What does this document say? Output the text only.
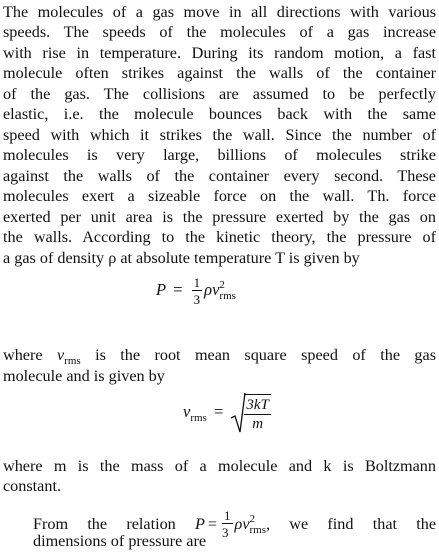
The molecules of a gas move in all directions with various
speeds. The speeds of the molecules of a gas increase
with rise in temperature. During its random motion, a fast
molecule often strikes against the walls of the container
of the gas. The collisions are assumed to be perfectly
elastic, i.e. the molecule bounces back with the same
speed with which it strikes the wall. Since the number of
molecules is very large, billions of molecules strike
against the walls of the container every second. These
molecules exert a sizeable force on the wall. Th. force
exerted per unit area is the pressure exerted by the gas on
the walls. According to the kinetic theory, the pressure of
a gas of density ρ at absolute temperature T is given by
$P = \frac{1}{3}$ ρv 2
rms
where $v_{rms}$ is the root mean square speed of the gas
molecule and is given by
$v_{rms} = \frac{3kT}{m}$
where m is the mass of a molecule and k is Boltzmann
constant.
From the relation $P = \frac{1}{3}$ ρv 2
rms , we find that the
dimensions of pressure are
